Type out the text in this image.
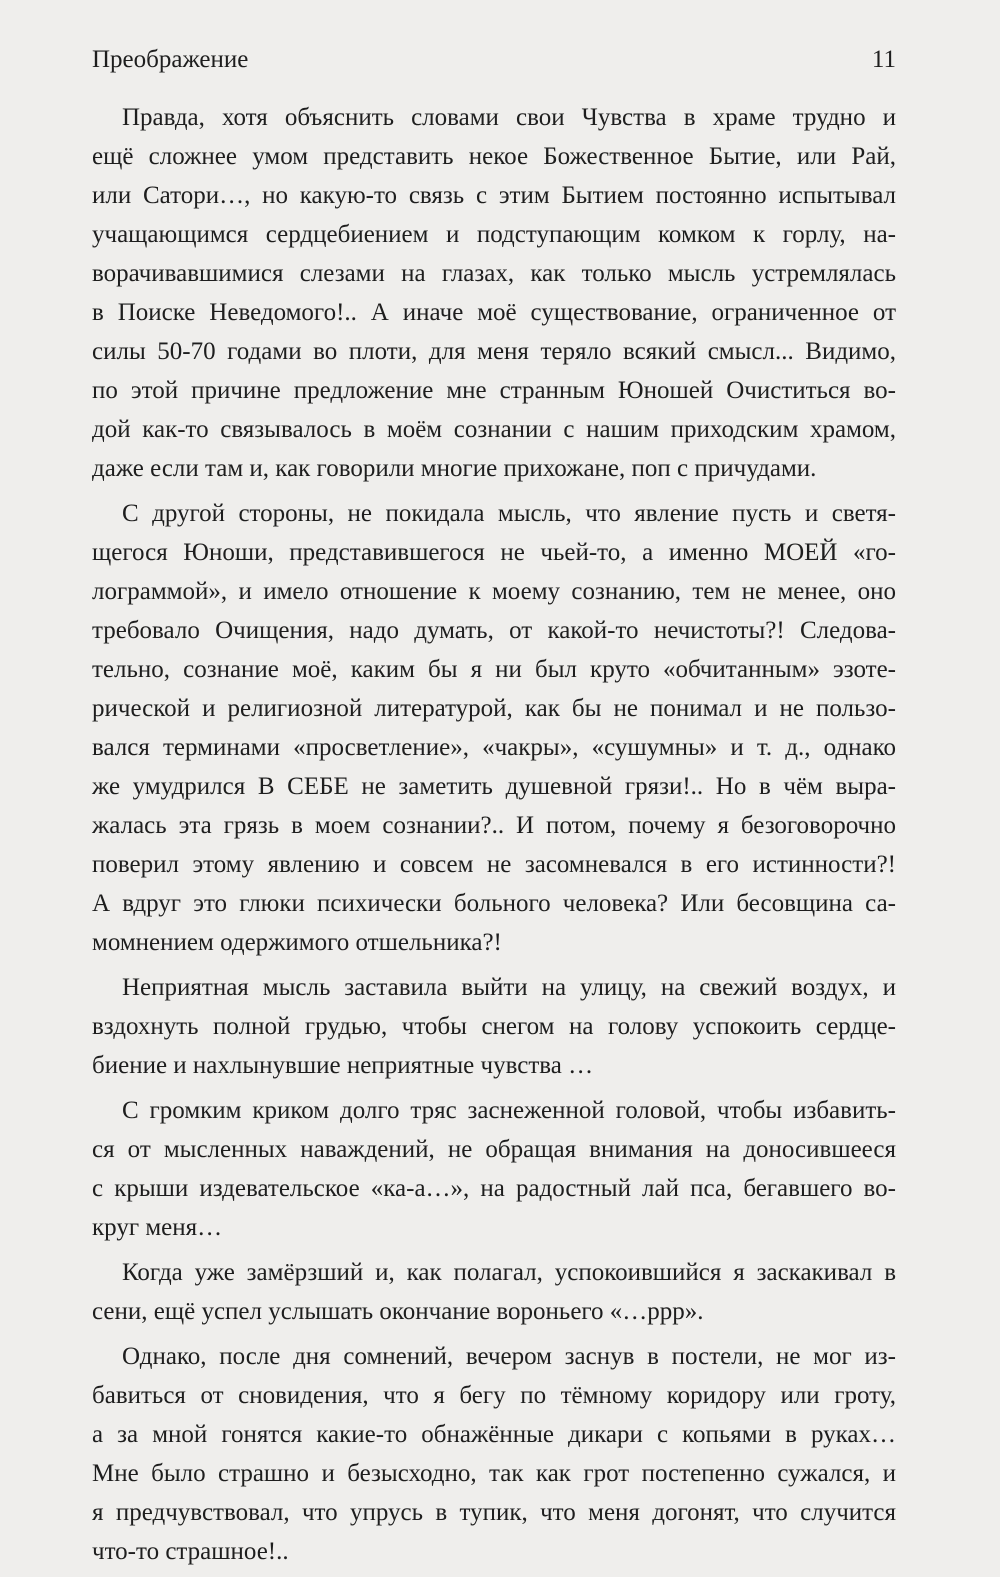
Преображение	11

Правда, хотя объяснить словами свои Чувства в храме трудно и
ещё сложнее умом представить некое Божественное Бытие, или Рай,
или Сатори…, но какую-то связь с этим Бытием постоянно испытывал
учащающимся сердцебиением и подступающим комком к горлу, на-
ворачивавшимися слезами на глазах, как только мысль устремлялась
в Поиске Неведомого!.. А иначе моё существование, ограниченное от
силы 50-70 годами во плоти, для меня теряло всякий смысл... Видимо,
по этой причине предложение мне странным Юношей Очиститься во-
дой как-то связывалось в моём сознании с нашим приходским храмом,
даже если там и, как говорили многие прихожане, поп с причудами.

С другой стороны, не покидала мысль, что явление пусть и светя-
щегося Юноши, представившегося не чьей-то, а именно МОЕЙ «го-
лограммой», и имело отношение к моему сознанию, тем не менее, оно
требовало Очищения, надо думать, от какой-то нечистоты?! Следова-
тельно, сознание моё, каким бы я ни был круто «обчитанным» эзоте-
рической и религиозной литературой, как бы не понимал и не пользо-
вался терминами «просветление», «чакры», «сушумны» и т. д., однако
же умудрился В СЕБЕ не заметить душевной грязи!.. Но в чём выра-
жалась эта грязь в моем сознании?.. И потом, почему я безоговорочно
поверил этому явлению и совсем не засомневался в его истинности?!
А вдруг это глюки психически больного человека? Или бесовщина са-
момнением одержимого отшельника?!

Неприятная мысль заставила выйти на улицу, на свежий воздух, и
вздохнуть полной грудью, чтобы снегом на голову успокоить сердце-
биение и нахлынувшие неприятные чувства …

С громким криком долго тряс заснеженной головой, чтобы избавить-
ся от мысленных наваждений, не обращая внимания на доносившееся
с крыши издевательское «ка-а…», на радостный лай пса, бегавшего во-
круг меня…

Когда уже замёрзший и, как полагал, успокоившийся я заскакивал в
сени, ещё успел услышать окончание вороньего «…ррр».

Однако, после дня сомнений, вечером заснув в постели, не мог из-
бавиться от сновидения, что я бегу по тёмному коридору или гроту,
а за мной гонятся какие-то обнажённые дикари с копьями в руках…
Мне было страшно и безысходно, так как грот постепенно сужался, и
я предчувствовал, что упрусь в тупик, что меня догонят, что случится
что-то страшное!..
